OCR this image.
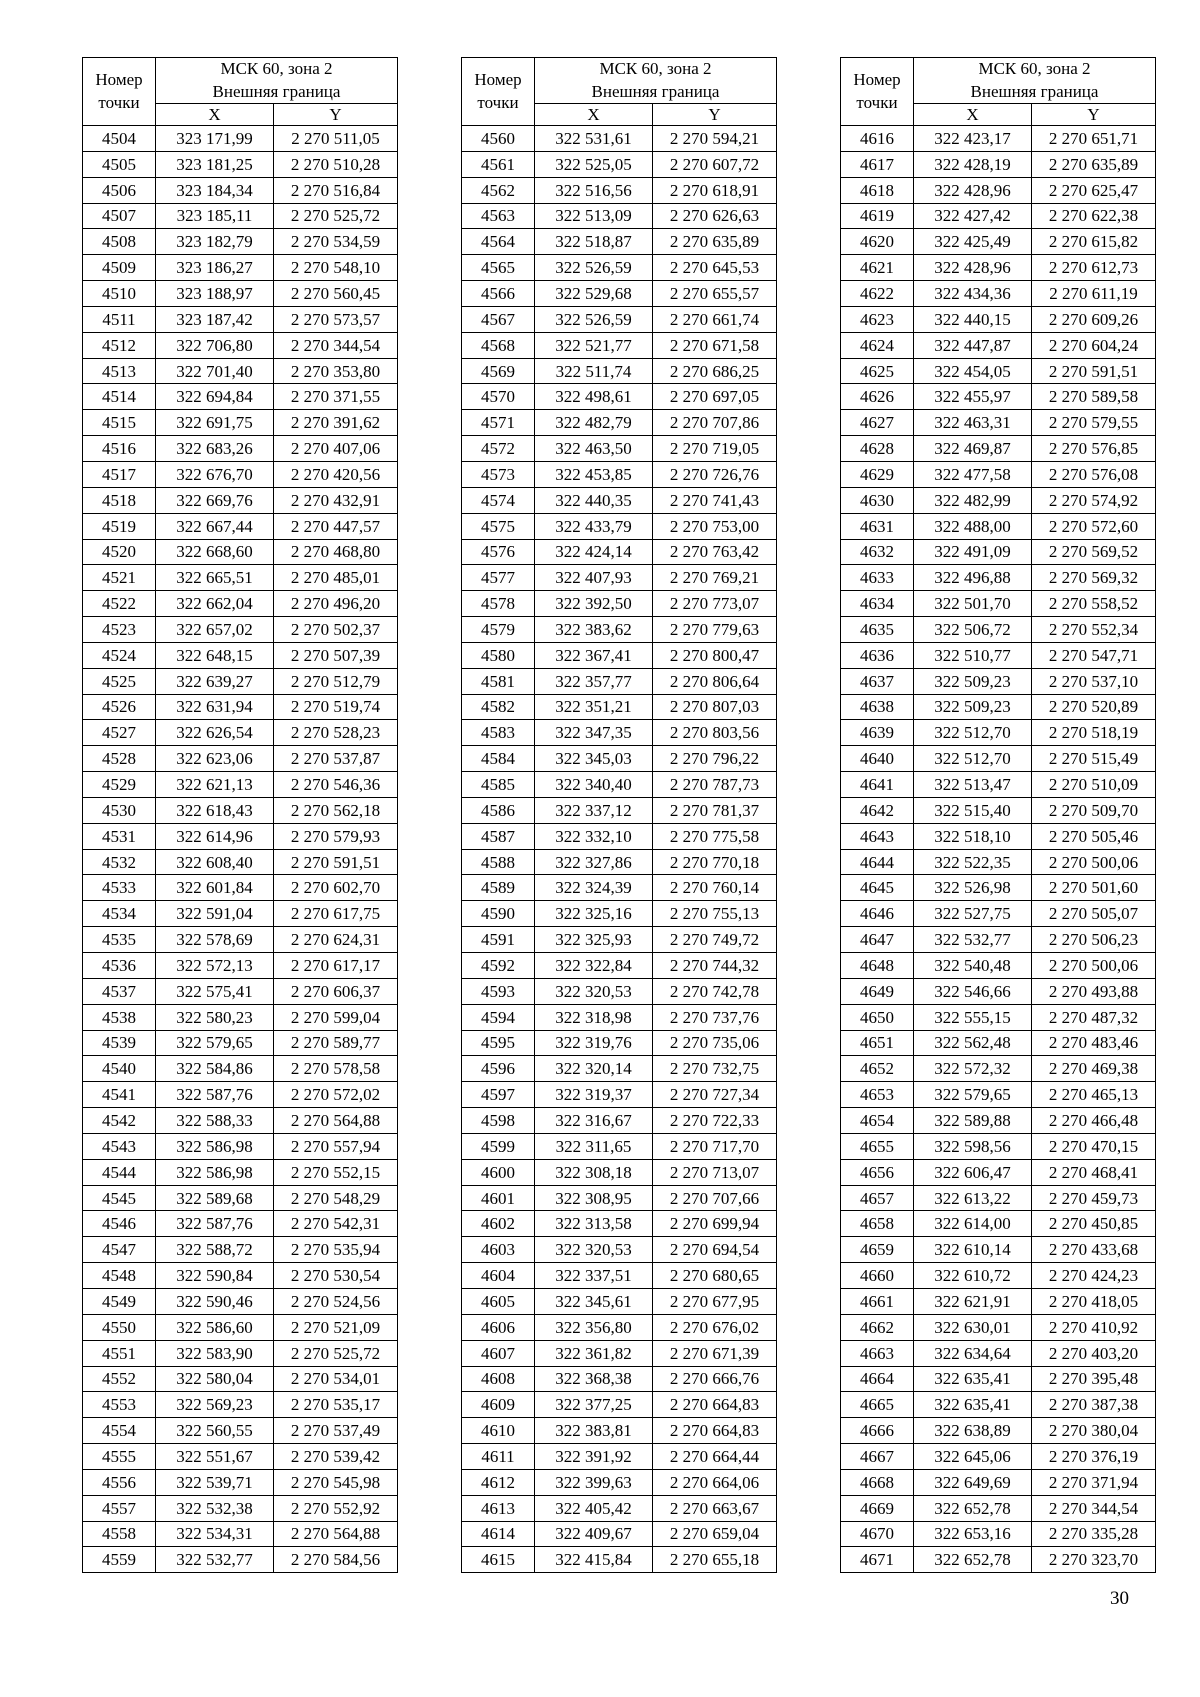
Номер точки	МСК 60, зона 2
Внешняя граница	
	X	Y
4504	323 171,99	2 270 511,05
4505	323 181,25	2 270 510,28
4506	323 184,34	2 270 516,84
4507	323 185,11	2 270 525,72
4508	323 182,79	2 270 534,59
4509	323 186,27	2 270 548,10
4510	323 188,97	2 270 560,45
4511	323 187,42	2 270 573,57
4512	322 706,80	2 270 344,54
4513	322 701,40	2 270 353,80
4514	322 694,84	2 270 371,55
4515	322 691,75	2 270 391,62
4516	322 683,26	2 270 407,06
4517	322 676,70	2 270 420,56
4518	322 669,76	2 270 432,91
4519	322 667,44	2 270 447,57
4520	322 668,60	2 270 468,80
4521	322 665,51	2 270 485,01
4522	322 662,04	2 270 496,20
4523	322 657,02	2 270 502,37
4524	322 648,15	2 270 507,39
4525	322 639,27	2 270 512,79
4526	322 631,94	2 270 519,74
4527	322 626,54	2 270 528,23
4528	322 623,06	2 270 537,87
4529	322 621,13	2 270 546,36
4530	322 618,43	2 270 562,18
4531	322 614,96	2 270 579,93
4532	322 608,40	2 270 591,51
4533	322 601,84	2 270 602,70
4534	322 591,04	2 270 617,75
4535	322 578,69	2 270 624,31
4536	322 572,13	2 270 617,17
4537	322 575,41	2 270 606,37
4538	322 580,23	2 270 599,04
4539	322 579,65	2 270 589,77
4540	322 584,86	2 270 578,58
4541	322 587,76	2 270 572,02
4542	322 588,33	2 270 564,88
4543	322 586,98	2 270 557,94
4544	322 586,98	2 270 552,15
4545	322 589,68	2 270 548,29
4546	322 587,76	2 270 542,31
4547	322 588,72	2 270 535,94
4548	322 590,84	2 270 530,54
4549	322 590,46	2 270 524,56
4550	322 586,60	2 270 521,09
4551	322 583,90	2 270 525,72
4552	322 580,04	2 270 534,01
4553	322 569,23	2 270 535,17
4554	322 560,55	2 270 537,49
4555	322 551,67	2 270 539,42
4556	322 539,71	2 270 545,98
4557	322 532,38	2 270 552,92
4558	322 534,31	2 270 564,88
4559	322 532,77	2 270 584,56
Номер точки	МСК 60, зона 2
Внешняя граница	
	X	Y
4560	322 531,61	2 270 594,21
4561	322 525,05	2 270 607,72
4562	322 516,56	2 270 618,91
4563	322 513,09	2 270 626,63
4564	322 518,87	2 270 635,89
4565	322 526,59	2 270 645,53
4566	322 529,68	2 270 655,57
4567	322 526,59	2 270 661,74
4568	322 521,77	2 270 671,58
4569	322 511,74	2 270 686,25
4570	322 498,61	2 270 697,05
4571	322 482,79	2 270 707,86
4572	322 463,50	2 270 719,05
4573	322 453,85	2 270 726,76
4574	322 440,35	2 270 741,43
4575	322 433,79	2 270 753,00
4576	322 424,14	2 270 763,42
4577	322 407,93	2 270 769,21
4578	322 392,50	2 270 773,07
4579	322 383,62	2 270 779,63
4580	322 367,41	2 270 800,47
4581	322 357,77	2 270 806,64
4582	322 351,21	2 270 807,03
4583	322 347,35	2 270 803,56
4584	322 345,03	2 270 796,22
4585	322 340,40	2 270 787,73
4586	322 337,12	2 270 781,37
4587	322 332,10	2 270 775,58
4588	322 327,86	2 270 770,18
4589	322 324,39	2 270 760,14
4590	322 325,16	2 270 755,13
4591	322 325,93	2 270 749,72
4592	322 322,84	2 270 744,32
4593	322 320,53	2 270 742,78
4594	322 318,98	2 270 737,76
4595	322 319,76	2 270 735,06
4596	322 320,14	2 270 732,75
4597	322 319,37	2 270 727,34
4598	322 316,67	2 270 722,33
4599	322 311,65	2 270 717,70
4600	322 308,18	2 270 713,07
4601	322 308,95	2 270 707,66
4602	322 313,58	2 270 699,94
4603	322 320,53	2 270 694,54
4604	322 337,51	2 270 680,65
4605	322 345,61	2 270 677,95
4606	322 356,80	2 270 676,02
4607	322 361,82	2 270 671,39
4608	322 368,38	2 270 666,76
4609	322 377,25	2 270 664,83
4610	322 383,81	2 270 664,83
4611	322 391,92	2 270 664,44
4612	322 399,63	2 270 664,06
4613	322 405,42	2 270 663,67
4614	322 409,67	2 270 659,04
4615	322 415,84	2 270 655,18
Номер точки	МСК 60, зона 2
Внешняя граница	
	X	Y
4616	322 423,17	2 270 651,71
4617	322 428,19	2 270 635,89
4618	322 428,96	2 270 625,47
4619	322 427,42	2 270 622,38
4620	322 425,49	2 270 615,82
4621	322 428,96	2 270 612,73
4622	322 434,36	2 270 611,19
4623	322 440,15	2 270 609,26
4624	322 447,87	2 270 604,24
4625	322 454,05	2 270 591,51
4626	322 455,97	2 270 589,58
4627	322 463,31	2 270 579,55
4628	322 469,87	2 270 576,85
4629	322 477,58	2 270 576,08
4630	322 482,99	2 270 574,92
4631	322 488,00	2 270 572,60
4632	322 491,09	2 270 569,52
4633	322 496,88	2 270 569,32
4634	322 501,70	2 270 558,52
4635	322 506,72	2 270 552,34
4636	322 510,77	2 270 547,71
4637	322 509,23	2 270 537,10
4638	322 509,23	2 270 520,89
4639	322 512,70	2 270 518,19
4640	322 512,70	2 270 515,49
4641	322 513,47	2 270 510,09
4642	322 515,40	2 270 509,70
4643	322 518,10	2 270 505,46
4644	322 522,35	2 270 500,06
4645	322 526,98	2 270 501,60
4646	322 527,75	2 270 505,07
4647	322 532,77	2 270 506,23
4648	322 540,48	2 270 500,06
4649	322 546,66	2 270 493,88
4650	322 555,15	2 270 487,32
4651	322 562,48	2 270 483,46
4652	322 572,32	2 270 469,38
4653	322 579,65	2 270 465,13
4654	322 589,88	2 270 466,48
4655	322 598,56	2 270 470,15
4656	322 606,47	2 270 468,41
4657	322 613,22	2 270 459,73
4658	322 614,00	2 270 450,85
4659	322 610,14	2 270 433,68
4660	322 610,72	2 270 424,23
4661	322 621,91	2 270 418,05
4662	322 630,01	2 270 410,92
4663	322 634,64	2 270 403,20
4664	322 635,41	2 270 395,48
4665	322 635,41	2 270 387,38
4666	322 638,89	2 270 380,04
4667	322 645,06	2 270 376,19
4668	322 649,69	2 270 371,94
4669	322 652,78	2 270 344,54
4670	322 653,16	2 270 335,28
4671	322 652,78	2 270 323,70
30
